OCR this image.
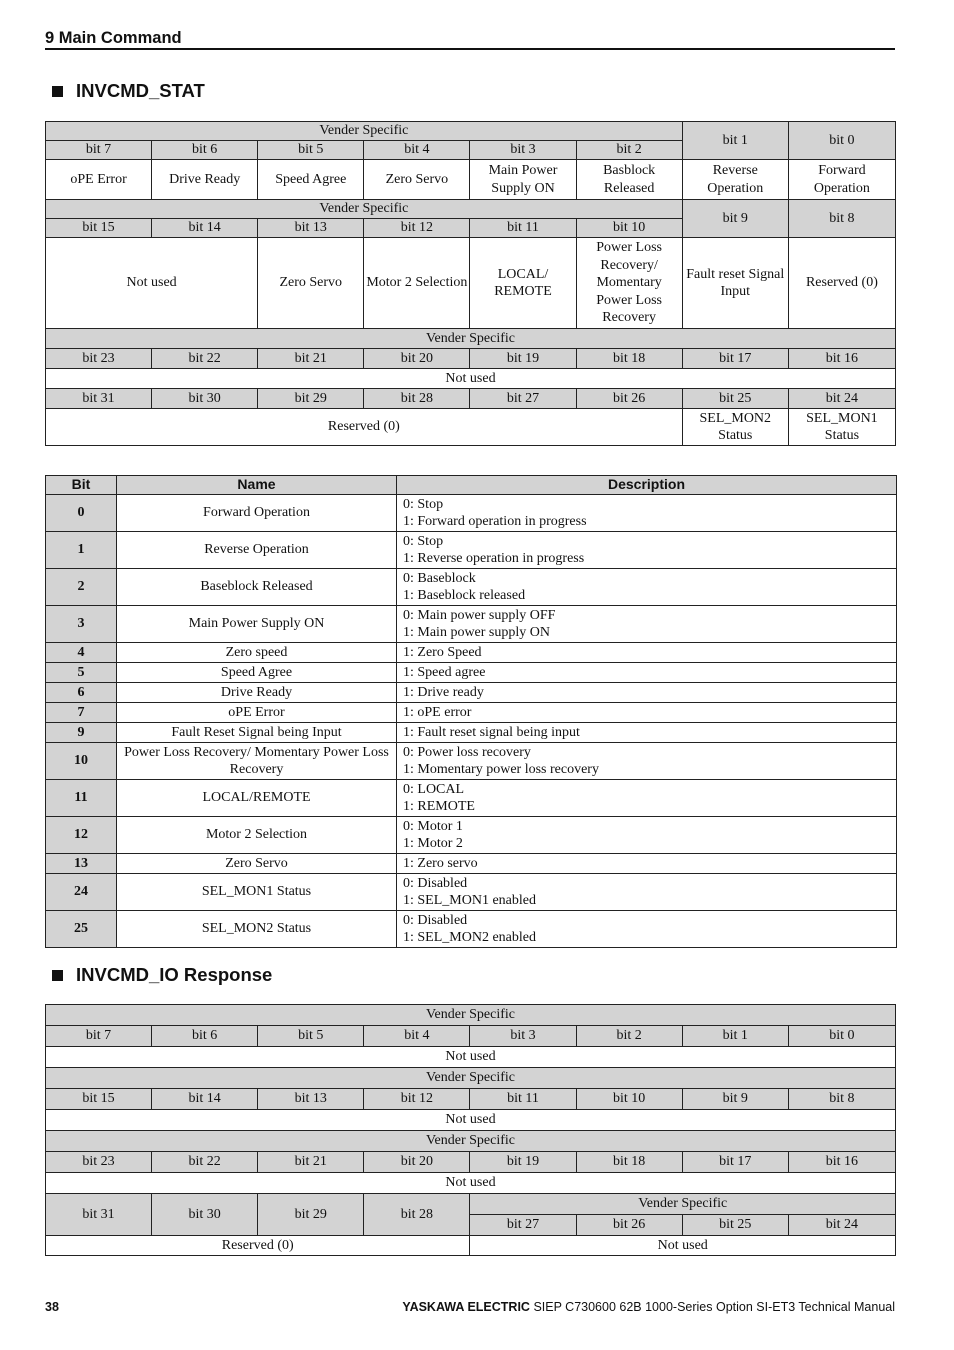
9 Main Command
INVCMD_STAT
Vender Specific						bit 1	bit 0
bit 7	bit 6	bit 5	bit 4	bit 3	bit 2		
oPE Error	Drive Ready	Speed Agree	Zero Servo	Main Power Supply ON	Basblock Released	Reverse Operation	Forward Operation
Vender Specific						bit 9	bit 8
bit 15	bit 14	bit 13	bit 12	bit 11	bit 10		
Not used		Zero Servo	Motor 2 Selection	LOCAL/ REMOTE	Power Loss Recovery/ Momentary Power Loss Recovery	Fault reset Signal Input	Reserved (0)
Vender Specific							
bit 23	bit 22	bit 21	bit 20	bit 19	bit 18	bit 17	bit 16
Not used							
bit 31	bit 30	bit 29	bit 28	bit 27	bit 26	bit 25	bit 24
Reserved (0)						SEL_MON2 Status	SEL_MON1 Status
Bit	Name	Description
0	Forward Operation	0: Stop
1: Forward operation in progress

1	Reverse Operation	0: Stop
1: Reverse operation in progress

2	Baseblock Released	0: Baseblock
1: Baseblock released

3	Main Power Supply ON	0: Main power supply OFF
1: Main power supply ON

4	Zero speed	1: Zero Speed

5	Speed Agree	1: Speed agree

6	Drive Ready	1: Drive ready

7	oPE Error	1: oPE error

9	Fault Reset Signal being Input	1: Fault reset signal being input

10	Power Loss Recovery/ Momentary Power Loss Recovery	0: Power loss recovery
1: Momentary power loss recovery

11	LOCAL/REMOTE	0: LOCAL
1: REMOTE

12	Motor 2 Selection	0: Motor 1
1: Motor 2

13	Zero Servo	1: Zero servo

24	SEL_MON1 Status	0: Disabled
1: SEL_MON1 enabled

25	SEL_MON2 Status	0: Disabled
1: SEL_MON2 enabled
INVCMD_IO Response
Vender Specific							
bit 7	bit 6	bit 5	bit 4	bit 3	bit 2	bit 1	bit 0
Not used							
Vender Specific							
bit 15	bit 14	bit 13	bit 12	bit 11	bit 10	bit 9	bit 8
Not used							
Vender Specific							
bit 23	bit 22	bit 21	bit 20	bit 19	bit 18	bit 17	bit 16
Not used							
bit 31	bit 30	bit 29	bit 28	Vender Specific			
				bit 27	bit 26	bit 25	bit 24
Reserved (0)				Not used			
38	YASKAWA ELECTRIC SIEP C730600 62B 1000-Series Option SI-ET3 Technical Manual
